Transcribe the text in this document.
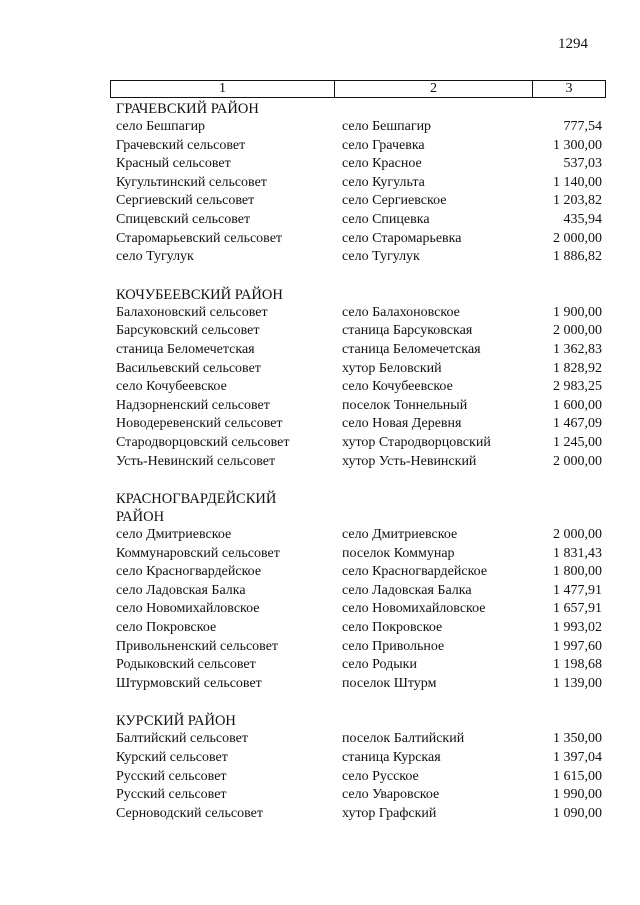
1294
1	2	3
ГРАЧЕВСКИЙ РАЙОН
село Бешпагир	село Бешпагир	777,54
Грачевский сельсовет	село Грачевка	1 300,00
Красный сельсовет	село Красное	537,03
Кугультинский сельсовет	село Кугульта	1 140,00
Сергиевский сельсовет	село Сергиевское	1 203,82
Спицевский сельсовет	село Спицевка	435,94
Старомарьевский сельсовет	село Старомарьевка	2 000,00
село Тугулук	село Тугулук	1 886,82
КОЧУБЕЕВСКИЙ РАЙОН
Балахоновский сельсовет	село Балахоновское	1 900,00
Барсуковский сельсовет	станица Барсуковская	2 000,00
станица Беломечетская	станица Беломечетская	1 362,83
Васильевский сельсовет	хутор Беловский	1 828,92
село Кочубеевское	село Кочубеевское	2 983,25
Надзорненский сельсовет	поселок Тоннельный	1 600,00
Новодеревенский сельсовет	село Новая Деревня	1 467,09
Стародворцовский сельсовет	хутор Стародворцовский	1 245,00
Усть-Невинский сельсовет	хутор Усть-Невинский	2 000,00
КРАСНОГВАРДЕЙСКИЙ РАЙОН
село Дмитриевское	село Дмитриевское	2 000,00
Коммунаровский сельсовет	поселок Коммунар	1 831,43
село Красногвардейское	село Красногвардейское	1 800,00
село Ладовская Балка	село Ладовская Балка	1 477,91
село Новомихайловское	село Новомихайловское	1 657,91
село Покровское	село Покровское	1 993,02
Привольненский сельсовет	село Привольное	1 997,60
Родыковский сельсовет	село Родыки	1 198,68
Штурмовский сельсовет	поселок Штурм	1 139,00
КУРСКИЙ РАЙОН
Балтийский сельсовет	поселок Балтийский	1 350,00
Курский сельсовет	станица Курская	1 397,04
Русский сельсовет	село Русское	1 615,00
Русский сельсовет	село Уваровское	1 990,00
Серноводский сельсовет	хутор Графский	1 090,00
